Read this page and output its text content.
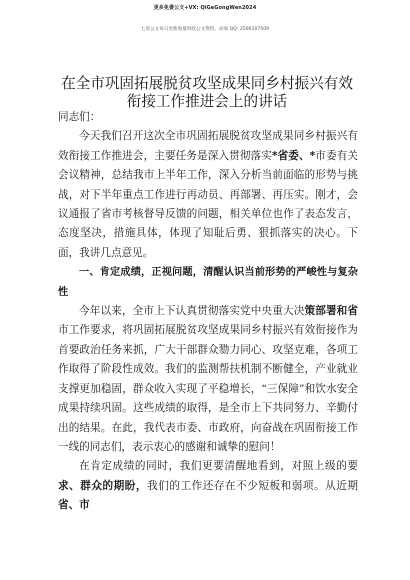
更多免费公文+VX: QiGeGongWen2024
七哥公文每日更新海量时政公文资料，添加 QQ: 2590107509
在全市巩固拓展脱贫攻坚成果同乡村振兴有效
衔接工作推进会上的讲话

同志们：

今天我们召开这次全市巩固拓展脱贫攻坚成果同乡村振兴有效衔接工作推进会，主要任务是深入贯彻落实*省委、*市委有关会议精神，总结我市上半年工作，深入分析当前面临的形势与挑战，对下半年重点工作进行再动员、再部署、再压实。刚才，会议通报了省市考核督导反馈的问题，相关单位也作了表态发言，态度坚决，措施具体，体现了知耻后勇、狠抓落实的决心。下面，我讲几点意见。

一、肯定成绩，正视问题，清醒认识当前形势的严峻性与复杂性

今年以来，全市上下认真贯彻落实党中央重大决策部署和省市工作要求，将巩固拓展脱贫攻坚成果同乡村振兴有效衔接作为首要政治任务来抓，广大干部群众勠力同心、攻坚克难，各项工作取得了阶段性成效。我们的监测帮扶机制不断健全，产业就业支撑更加稳固，群众收入实现了平稳增长，“三保障”和饮水安全成果持续巩固。这些成绩的取得，是全市上下共同努力、辛勤付出的结果。在此，我代表市委、市政府，向奋战在巩固衔接工作一线的同志们，表示衷心的感谢和诚挚的慰问！

在肯定成绩的同时，我们更要清醒地看到，对照上级的要求、群众的期盼，我们的工作还存在不少短板和弱项。从近期省、市
